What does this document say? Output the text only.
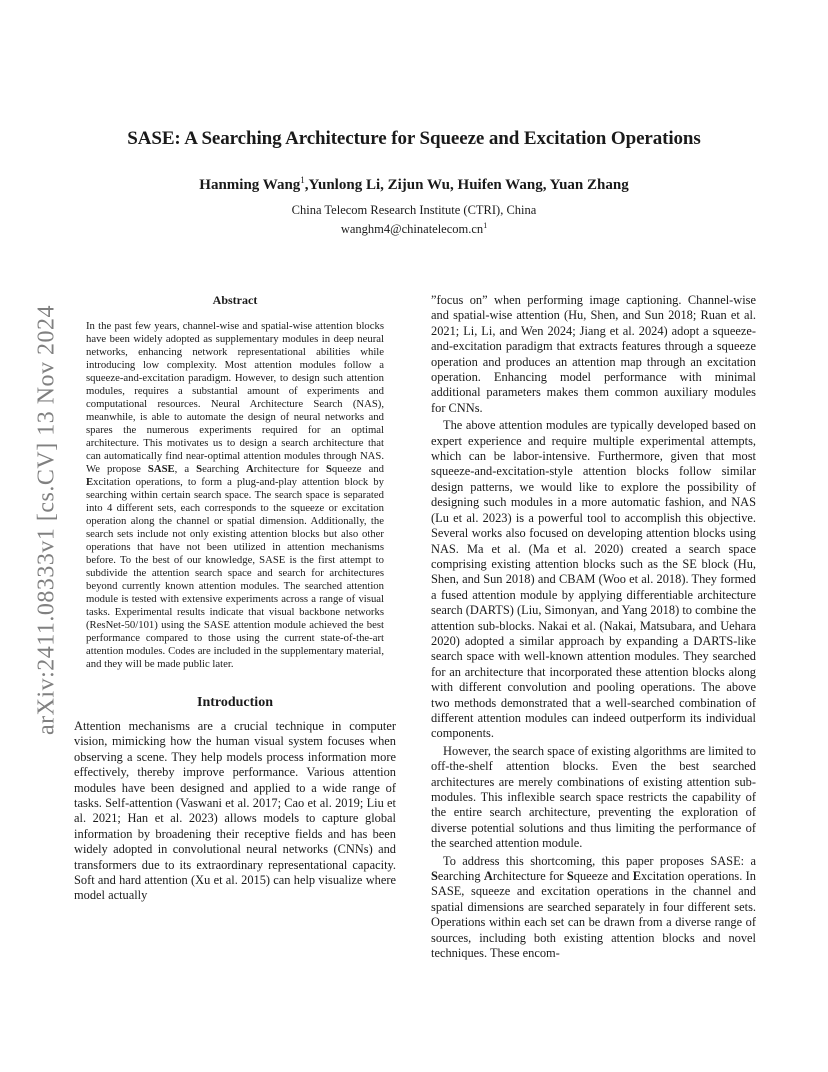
arXiv:2411.08333v1 [cs.CV] 13 Nov 2024
SASE: A Searching Architecture for Squeeze and Excitation Operations
Hanming Wang$^1$,Yunlong Li, Zijun Wu, Huifen Wang, Yuan Zhang
China Telecom Research Institute (CTRI), China
$wanghm4@chinatelecom.cn^1$
Abstract

In the past few years, channel-wise and spatial-wise attention blocks have been widely adopted as supplementary modules in deep neural networks, enhancing network representational abilities while introducing low complexity. Most attention modules follow a squeeze-and-excitation paradigm. However, to design such attention modules, requires a substantial amount of experiments and computational resources. Neural Architecture Search (NAS), meanwhile, is able to automate the design of neural networks and spares the numerous experiments required for an optimal architecture. This motivates us to design a search architecture that can automatically find near-optimal attention modules through NAS. We propose SASE, a Searching Architecture for Squeeze and Excitation operations, to form a plug-and-play attention block by searching within certain search space. The search space is separated into 4 different sets, each corresponds to the squeeze or excitation operation along the channel or spatial dimension. Additionally, the search sets include not only existing attention blocks but also other operations that have not been utilized in attention mechanisms before. To the best of our knowledge, SASE is the first attempt to subdivide the attention search space and search for architectures beyond currently known attention modules. The searched attention module is tested with extensive experiments across a range of visual tasks. Experimental results indicate that visual backbone networks (ResNet-50/101) using the SASE attention module achieved the best performance compared to those using the current state-of-the-art attention modules. Codes are included in the supplementary material, and they will be made public later.

Introduction

Attention mechanisms are a crucial technique in computer vision, mimicking how the human visual system focuses when observing a scene. They help models process information more effectively, thereby improve performance. Various attention modules have been designed and applied to a wide range of tasks. Self-attention (Vaswani et al. 2017; Cao et al. 2019; Liu et al. 2021; Han et al. 2023) allows models to capture global information by broadening their receptive fields and has been widely adopted in convolutional neural networks (CNNs) and transformers due to its extraordinary representational capacity. Soft and hard attention (Xu et al. 2015) can help visualize where model actually

”focus on” when performing image captioning. Channel-wise and spatial-wise attention (Hu, Shen, and Sun 2018; Ruan et al. 2021; Li, Li, and Wen 2024; Jiang et al. 2024) adopt a squeeze-and-excitation paradigm that extracts features through a squeeze operation and produces an attention map through an excitation operation. Enhancing model performance with minimal additional parameters makes them common auxiliary modules for CNNs.

The above attention modules are typically developed based on expert experience and require multiple experimental attempts, which can be labor-intensive. Furthermore, given that most squeeze-and-excitation-style attention blocks follow similar design patterns, we would like to explore the possibility of designing such modules in a more automatic fashion, and NAS (Lu et al. 2023) is a powerful tool to accomplish this objective. Several works also focused on developing attention blocks using NAS. Ma et al. (Ma et al. 2020) created a search space comprising existing attention blocks such as the SE block (Hu, Shen, and Sun 2018) and CBAM (Woo et al. 2018). They formed a fused attention module by applying differentiable architecture search (DARTS) (Liu, Simonyan, and Yang 2018) to combine the attention sub-blocks. Nakai et al. (Nakai, Matsubara, and Uehara 2020) adopted a similar approach by expanding a DARTS-like search space with well-known attention modules. They searched for an architecture that incorporated these attention blocks along with different convolution and pooling operations. The above two methods demonstrated that a well-searched combination of different attention modules can indeed outperform its individual components.

However, the search space of existing algorithms are limited to off-the-shelf attention blocks. Even the best searched architectures are merely combinations of existing attention sub-modules. This inflexible search space restricts the capability of the entire search architecture, preventing the exploration of diverse potential solutions and thus limiting the performance of the searched attention module.

To address this shortcoming, this paper proposes SASE: a Searching Architecture for Squeeze and Excitation operations. In SASE, squeeze and excitation operations in the channel and spatial dimensions are searched separately in four different sets. Operations within each set can be drawn from a diverse range of sources, including both existing attention blocks and novel techniques. These encom-
